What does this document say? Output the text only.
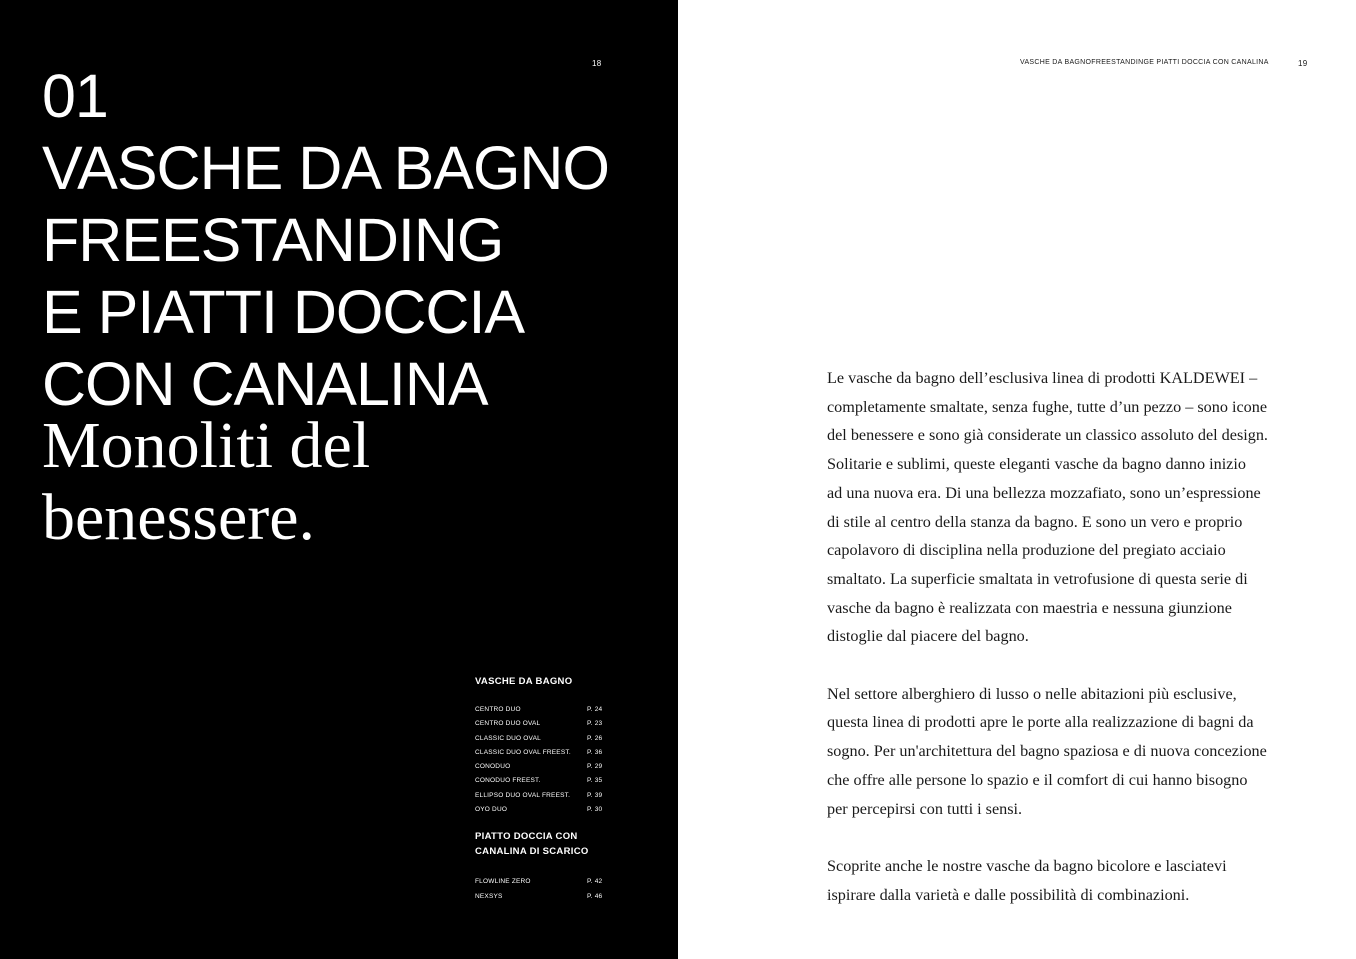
18
01
VASCHE DA BAGNO
FREESTANDING
E PIATTI DOCCIA
CON CANALINA
Monoliti del
benessere.

VASCHE DA BAGNO

CENTRO DUO	P. 24
CENTRO DUO OVAL	P. 23
CLASSIC DUO OVAL	P. 26
CLASSIC DUO OVAL FREEST. P. 36
CONODUO	P. 29
CONODUO FREEST.	P. 35
ELLIPSO DUO OVAL FREEST.	P. 39
OYO DUO	P. 30

PIATTO DOCCIA CON
CANALINA DI SCARICO

FLOWLINE ZERO	P. 42
NEXSYS	P. 46
VASCHE DA BAGNOFREESTANDINGE PIATTI DOCCIA CON CANALINA	19

Le vasche da bagno dell’esclusiva linea di prodotti KALDEWEI –
completamente smaltate, senza fughe, tutte d’un pezzo – sono icone
del benessere e sono già considerate un classico assoluto del design.
Solitarie e sublimi, queste eleganti vasche da bagno danno inizio
ad una nuova era. Di una bellezza mozzafiato, sono un’espressione
di stile al centro della stanza da bagno. E sono un vero e proprio
capolavoro di disciplina nella produzione del pregiato acciaio
smaltato. La superficie smaltata in vetrofusione di questa serie di
vasche da bagno è realizzata con maestria e nessuna giunzione
distoglie dal piacere del bagno.

Nel settore alberghiero di lusso o nelle abitazioni più esclusive,
questa linea di prodotti apre le porte alla realizzazione di bagni da
sogno. Per un'architettura del bagno spaziosa e di nuova concezione
che offre alle persone lo spazio e il comfort di cui hanno bisogno
per percepirsi con tutti i sensi.

Scoprite anche le nostre vasche da bagno bicolore e lasciatevi
ispirare dalla varietà e dalle possibilità di combinazioni.
